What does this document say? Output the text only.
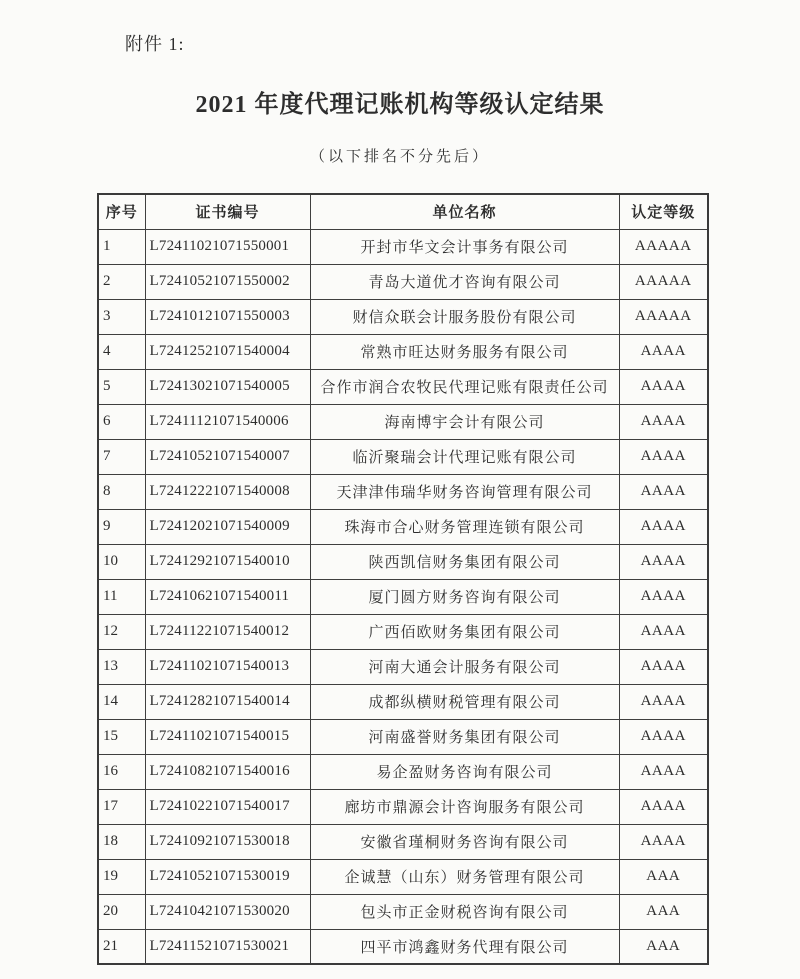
附件 1:
2021 年度代理记账机构等级认定结果
（以下排名不分先后）
序号	证书编号	单位名称	认定等级
1	L72411021071550001	开封市华文会计事务有限公司	AAAAA
2	L72410521071550002	青岛大道优才咨询有限公司	AAAAA
3	L72410121071550003	财信众联会计服务股份有限公司	AAAAA
4	L72412521071540004	常熟市旺达财务服务有限公司	AAAA
5	L72413021071540005	合作市润合农牧民代理记账有限责任公司	AAAA
6	L72411121071540006	海南博宇会计有限公司	AAAA
7	L72410521071540007	临沂聚瑞会计代理记账有限公司	AAAA
8	L72412221071540008	天津津伟瑞华财务咨询管理有限公司	AAAA
9	L72412021071540009	珠海市合心财务管理连锁有限公司	AAAA
10	L72412921071540010	陕西凯信财务集团有限公司	AAAA
11	L72410621071540011	厦门圆方财务咨询有限公司	AAAA
12	L72411221071540012	广西佰欧财务集团有限公司	AAAA
13	L72411021071540013	河南大通会计服务有限公司	AAAA
14	L72412821071540014	成都纵横财税管理有限公司	AAAA
15	L72411021071540015	河南盛誉财务集团有限公司	AAAA
16	L72410821071540016	易企盈财务咨询有限公司	AAAA
17	L72410221071540017	廊坊市鼎源会计咨询服务有限公司	AAAA
18	L72410921071530018	安徽省瑾桐财务咨询有限公司	AAAA
19	L72410521071530019	企诚慧（山东）财务管理有限公司	AAA
20	L72410421071530020	包头市正金财税咨询有限公司	AAA
21	L72411521071530021	四平市鸿鑫财务代理有限公司	AAA
